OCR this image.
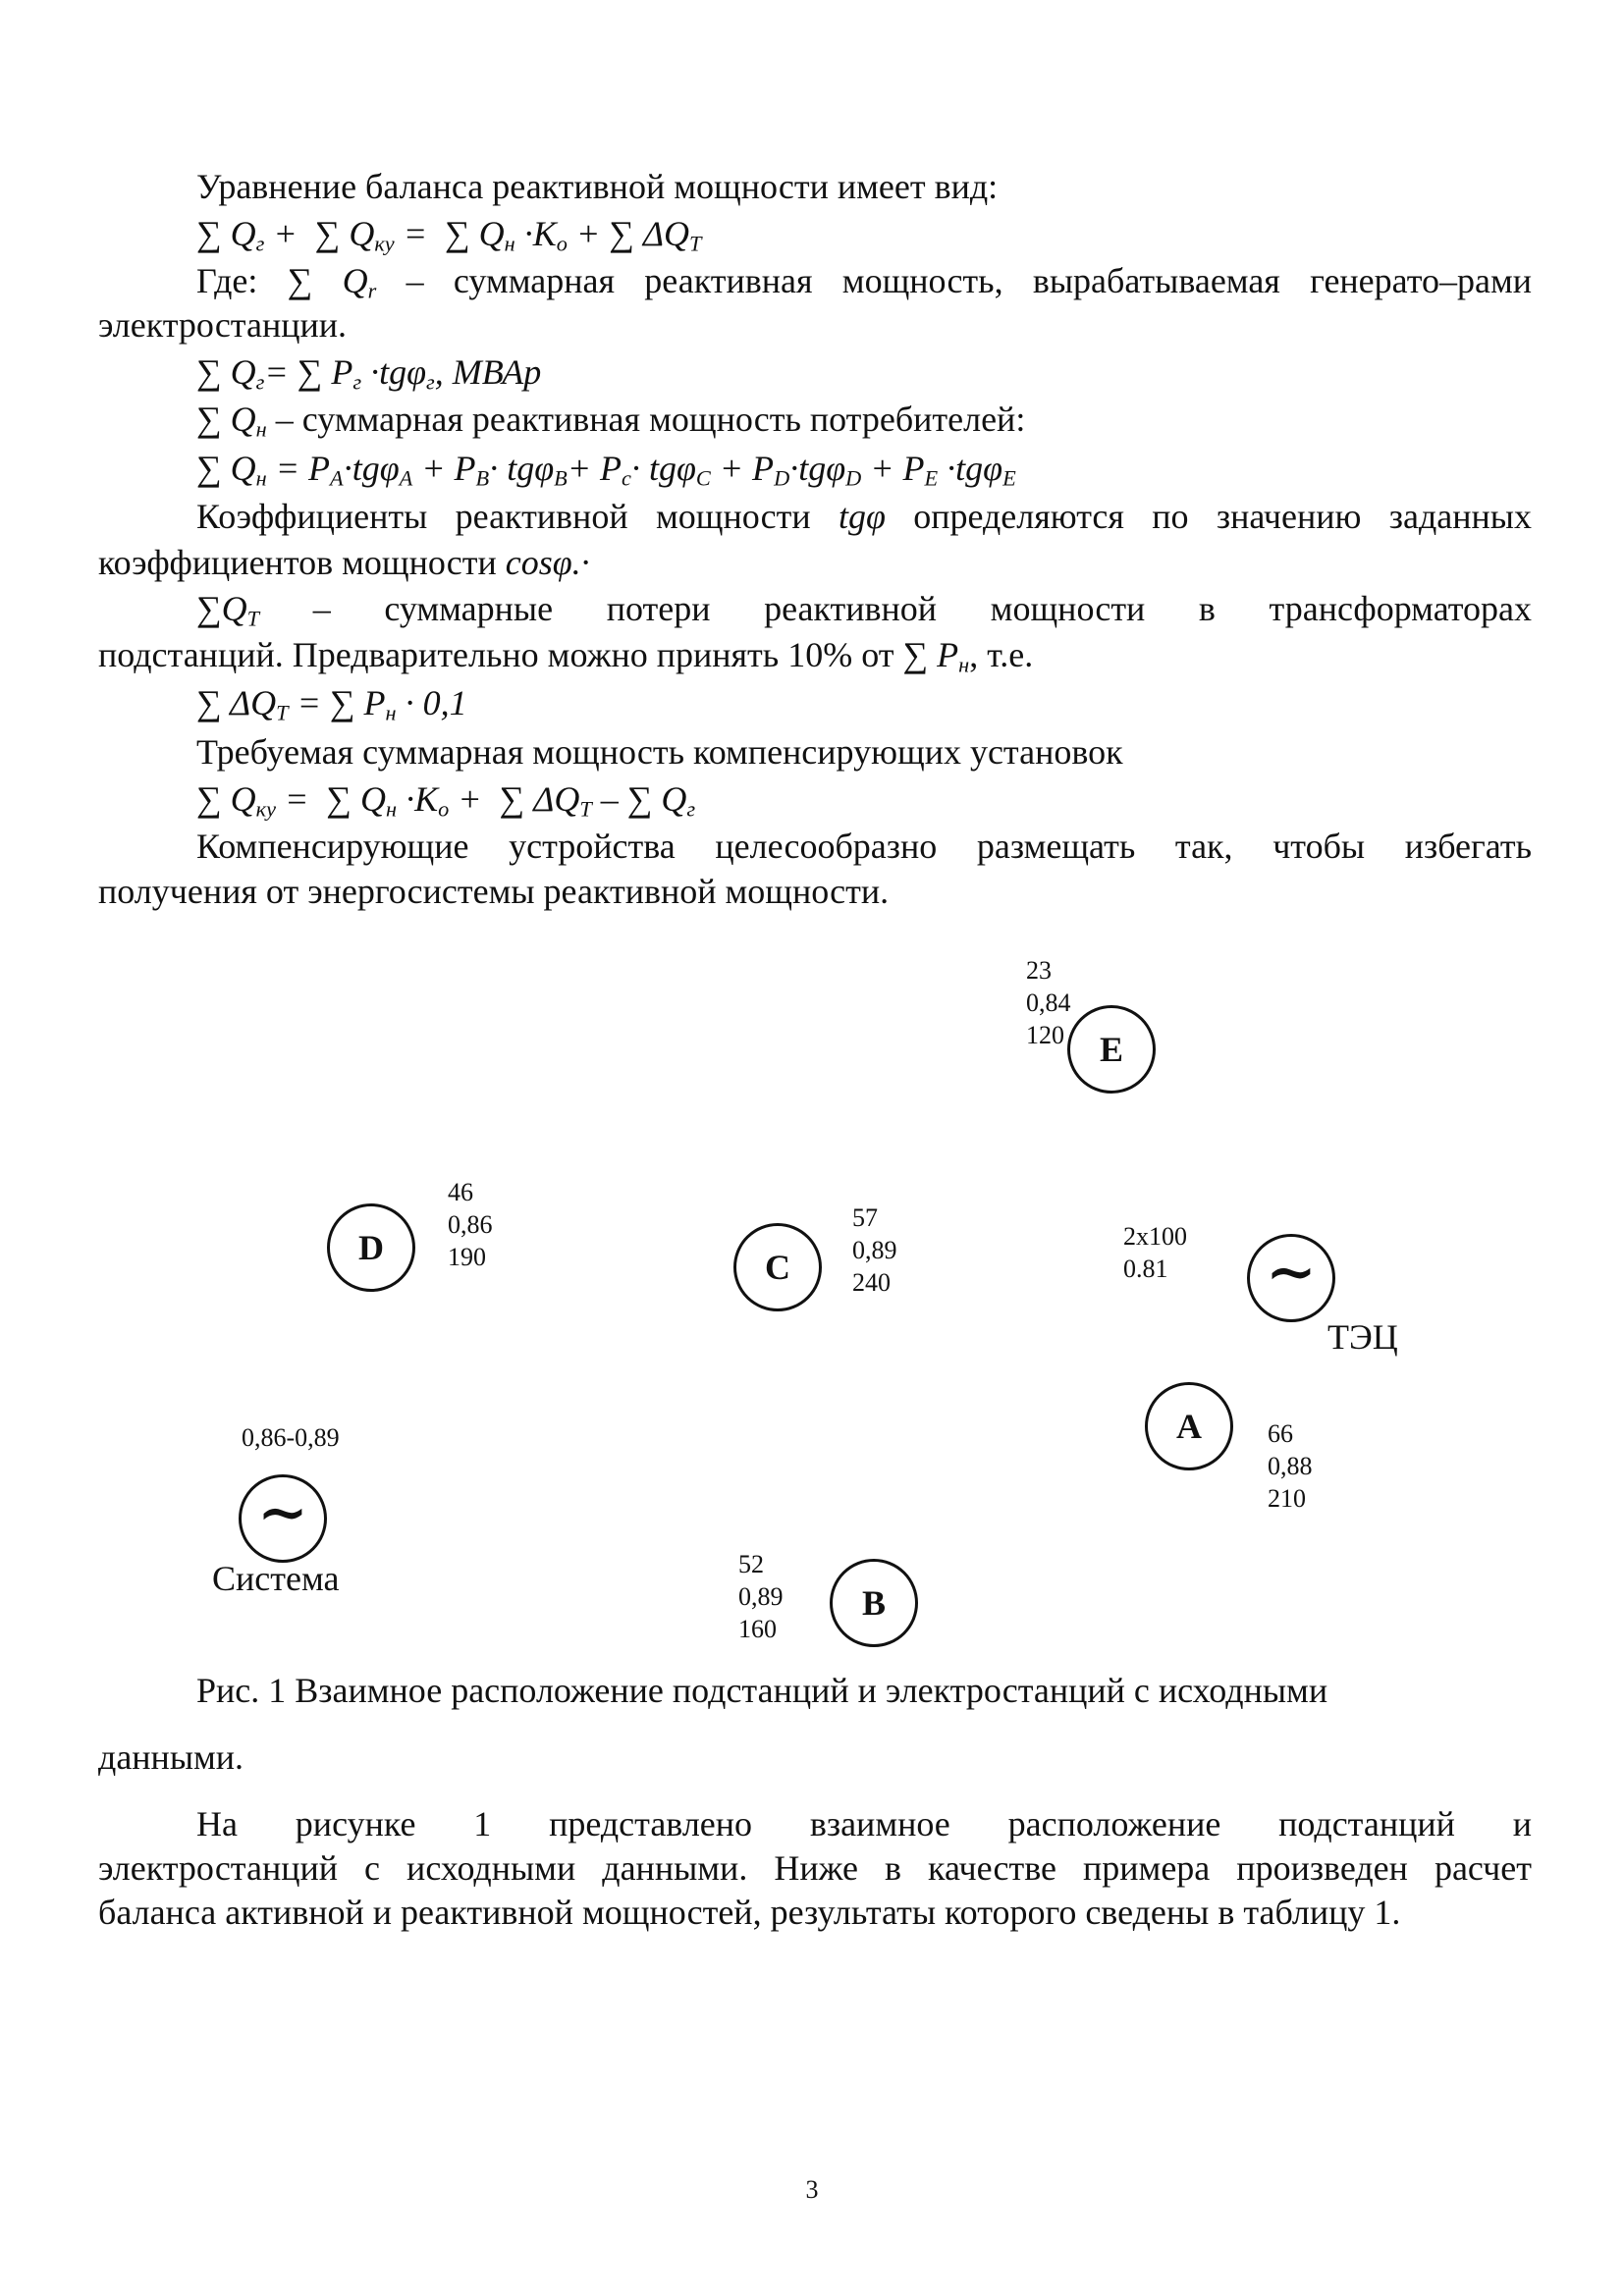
Уравнение баланса реактивной мощности имеет вид:
∑ $Q_г$ +  ∑ $Q_{ку}$ =  ∑ $Q_н \cdot K_о$ + ∑ $\Delta Q_T$
Где: ∑ $Q_r$ – суммарная реактивная мощность, вырабатываемая генерато–рами
электростанции.
∑ $Q_г=$ ∑ $P_г \cdot tg\varphi_г$, МВАр
∑ $Q_н$ – суммарная реактивная мощность потребителей:
∑ $Q_н = P_A\cdot tg\varphi_A + P_B\cdot tg\varphi_B+ P_c\cdot tg\varphi_C + P_D\cdot tg\varphi_D + P_E \cdot tg\varphi_E$
Коэффициенты реактивной мощности tgφ определяются по значению заданных
коэффициентов мощности cosφ.·
$\sum Q_T$ – суммарные потери реактивной мощности в трансформаторах
подстанций. Предварительно можно принять 10% от ∑ $P_н$, т.е.
∑ $\Delta Q_T$ = ∑ $P_н \cdot 0,1$
Требуемая суммарная мощность компенсирующих установок
∑ $Q_{ку}$ =  ∑ $Q_н \cdot K_о$ +  ∑ $\Delta Q_T$ – ∑ $Q_г$
Компенсирующие устройства целесообразно размещать так, чтобы избегать
получения от энергосистемы реактивной мощности.
23
0,84
120 E
D
46
0,86
190	C
57
0,89
240
2x100
0.81	∼
ТЭЦ
A	66
0,88
210
0,86-0,89
∼
Система	52
0,89
160
B
Рис. 1 Взаимное расположение подстанций и электростанций с исходными
данными.
На рисунке 1 представлено взаимное расположение подстанций и
электростанций с исходными данными. Ниже в качестве примера произведен расчет
баланса активной и реактивной мощностей, результаты которого сведены в таблицу 1.
3
